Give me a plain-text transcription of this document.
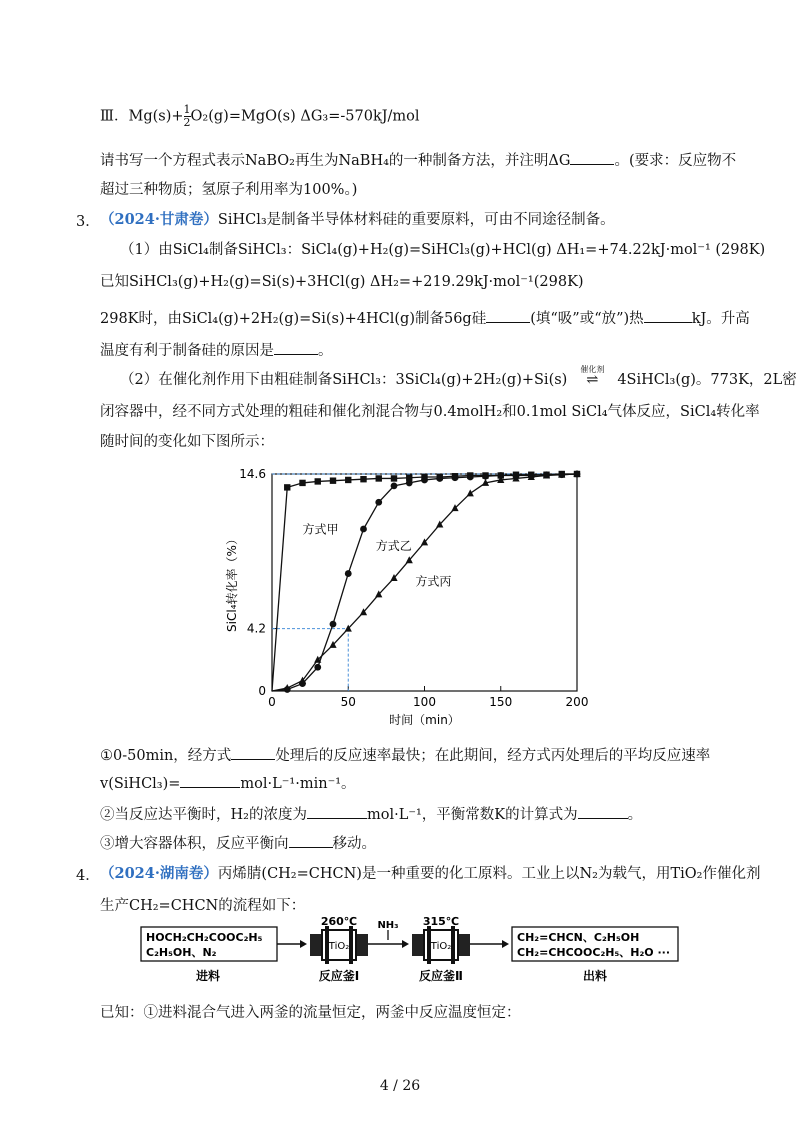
Ⅲ．$Mg(s)+ \frac{1}{2} O_2(g)=MgO(s)$ ΔG₃=-570kJ/mol
请书写一个方程式表示NaBO₂再生为NaBH₄的一种制备方法，并注明ΔG	。(要求：反应物不
超过三种物质；氢原子利用率为100%。)
3． （2024·甘肃卷）SiHCl₃是制备半导体材料硅的重要原料，可由不同途径制备。
（1）由SiCl₄制备SiHCl₃：SiCl₄(g)+H₂(g)=SiHCl₃(g)+HCl(g) ΔH₁=+74.22kJ·mol⁻¹ (298K)
已知SiHCl₃(g)+H₂(g)=Si(s)+3HCl(g) ΔH₂=+219.29kJ·mol⁻¹(298K)
298K时，由SiCl₄(g)+2H₂(g)=Si(s)+4HCl(g)制备56g硅	(填“吸”或“放”)热	kJ。升高
温度有利于制备硅的原因是	。
（2）在催化剂作用下由粗硅制备SiHCl₃：3SiCl₄(g)+2H₂(g)+Si(s)
催化剂
⇌ 4SiHCl₃(g)。773K，2L密
闭容器中，经不同方式处理的粗硅和催化剂混合物与0.4molH₂和0.1mol SiCl₄气体反应，SiCl₄转化率
随时间的变化如下图所示：
0	50	100	150	200
0
4.2
14.6
方式甲
方式乙
方式丙
时间（min）
SiCl₄转化率（%）
①0-50min，经方式	处理后的反应速率最快；在此期间，经方式丙处理后的平均反应速率
v(SiHCl₃)=	mol·L⁻¹·min⁻¹。
②当反应达平衡时，H₂的浓度为	mol·L⁻¹，平衡常数K的计算式为	。
③增大容器体积，反应平衡向	移动。
4． （2024·湖南卷）丙烯腈(CH₂=CHCN)是一种重要的化工原料。工业上以N₂为载气，用TiO₂作催化剂
生产CH₂=CHCN的流程如下：
HOCH₂CH₂COOC₂H₅
C₂H₅OH、N₂
进料
TiO₂
260℃
反应釜Ⅰ
NH₃
TiO₂
315℃
反应釜Ⅱ
CH₂=CHCN、C₂H₅OH
CH₂=CHCOOC₂H₅、H₂O ···
出料
已知：①进料混合气进入两釜的流量恒定，两釜中反应温度恒定：
4 / 26
